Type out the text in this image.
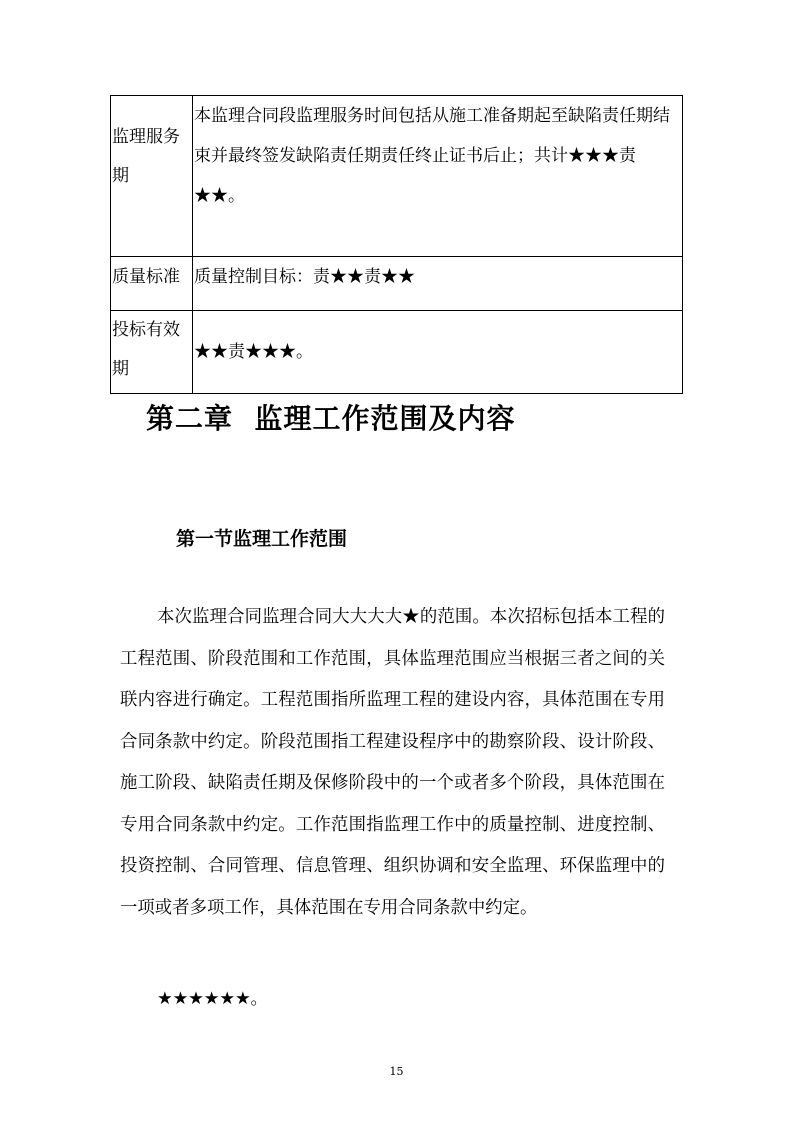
监理服务期	本监理合同段监理服务时间包括从施工准备期起至缺陷责任期结束并最终签发缺陷责任期责任终止证书后止；共计★★★责★★。
质量标准	质量控制目标：责★★责★★
投标有效期	★★责★★★。
第二章  监理工作范围及内容
第一节监理工作范围

本次监理合同监理合同大大大大★的范围。本次招标包括本工程的工程范围、阶段范围和工作范围，具体监理范围应当根据三者之间的关联内容进行确定。工程范围指所监理工程的建设内容，具体范围在专用合同条款中约定。阶段范围指工程建设程序中的勘察阶段、设计阶段、施工阶段、缺陷责任期及保修阶段中的一个或者多个阶段，具体范围在专用合同条款中约定。工作范围指监理工作中的质量控制、进度控制、投资控制、合同管理、信息管理、组织协调和安全监理、环保监理中的一项或者多项工作，具体范围在专用合同条款中约定。

★★★★★★。

15
